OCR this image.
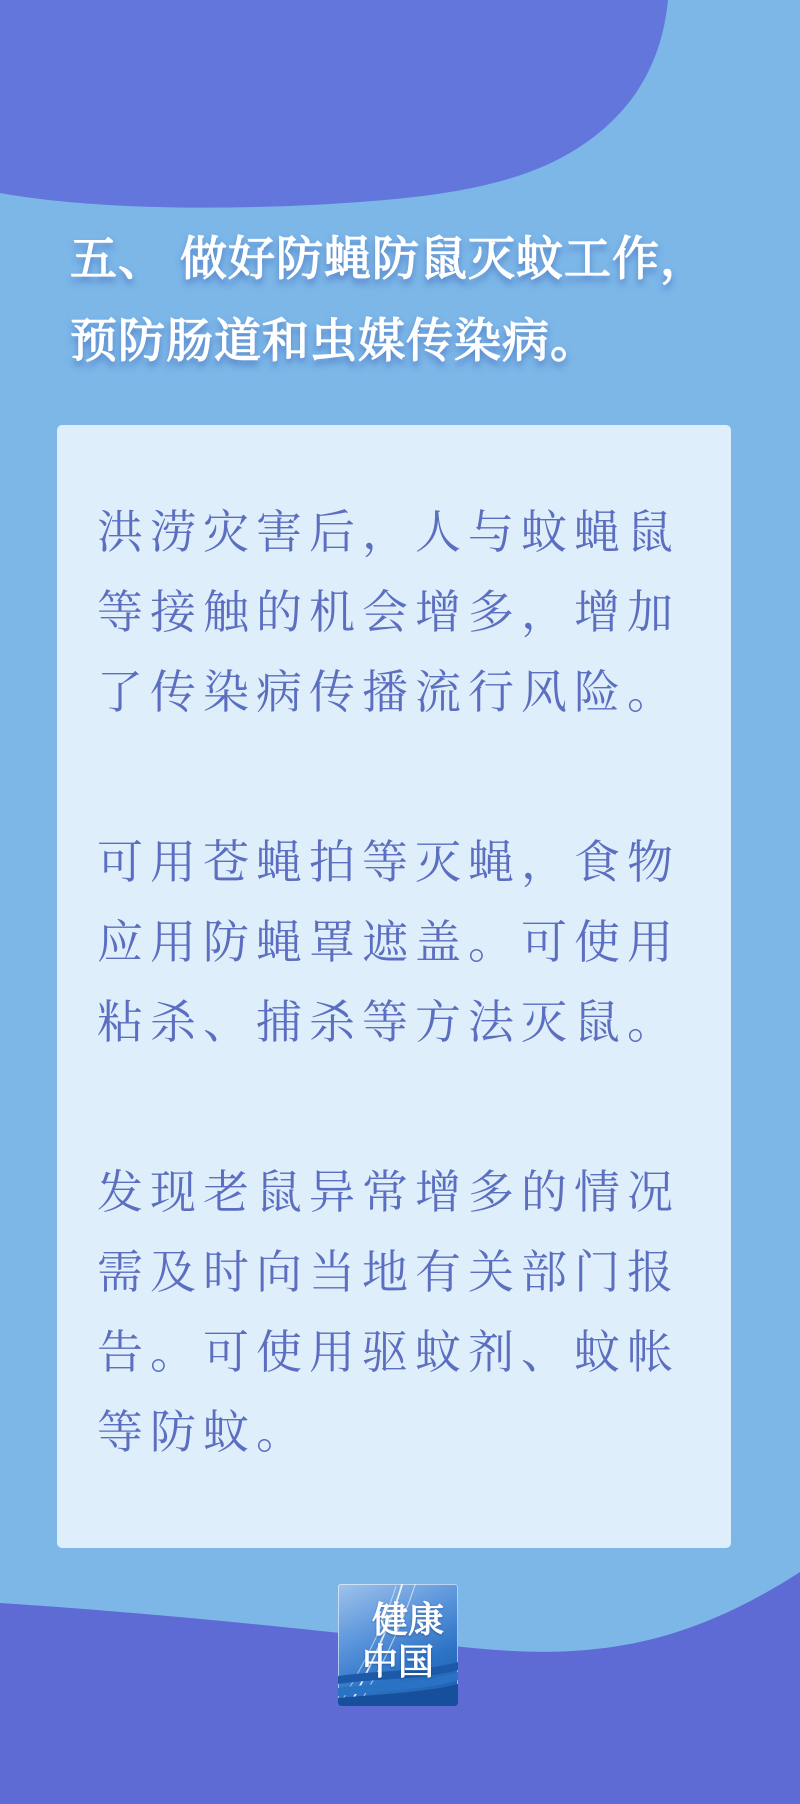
五、 做好防蝇防鼠灭蚊工作，
预防肠道和虫媒传染病。
洪涝灾害后，人与蚊蝇鼠
等接触的机会增多，增加
了传染病传播流行风险。
可用苍蝇拍等灭蝇，食物
应用防蝇罩遮盖。可使用
粘杀、捕杀等方法灭鼠。
发现老鼠异常增多的情况
需及时向当地有关部门报
告。可使用驱蚊剂、蚊帐
等防蚊。
健康
中国
